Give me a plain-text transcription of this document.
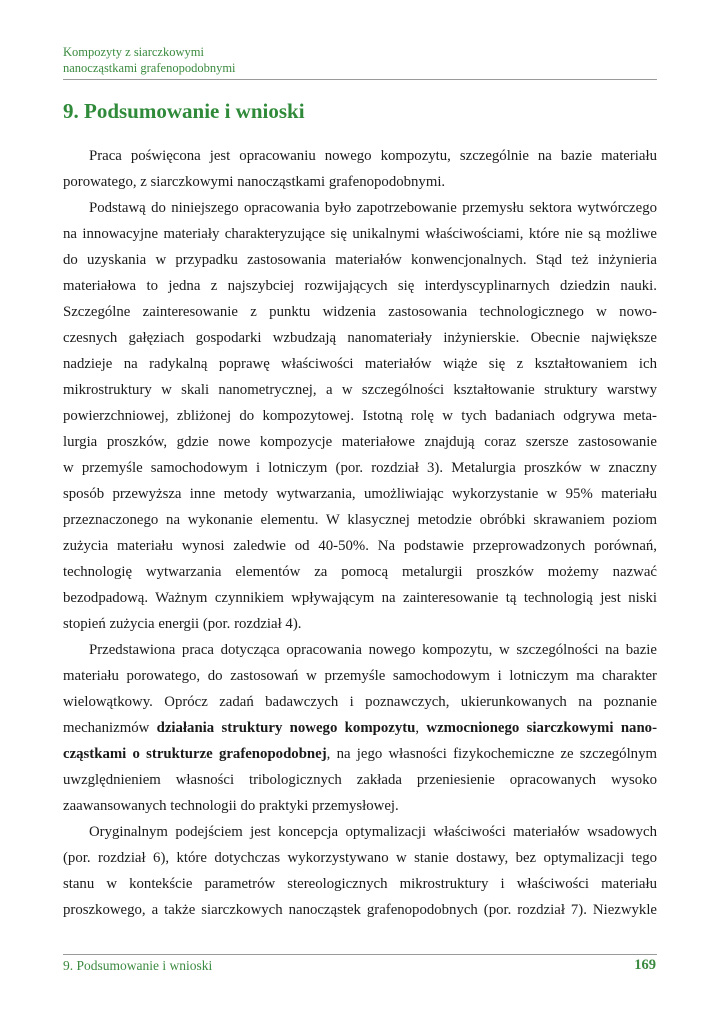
Kompozyty z siarczkowymi
nanocząstkami grafenopodobnymi
9. Podsumowanie i wnioski

Praca poświęcona jest opracowaniu nowego kompozytu, szczególnie na bazie materiału
porowatego, z siarczkowymi nanocząstkami grafenopodobnymi.

Podstawą do niniejszego opracowania było zapotrzebowanie przemysłu sektora wytwórczego
na innowacyjne materiały charakteryzujące się unikalnymi właściwościami, które nie są możliwe
do uzyskania w przypadku zastosowania materiałów konwencjonalnych. Stąd też inżynieria
materiałowa to jedna z najszybciej rozwijających się interdyscyplinarnych dziedzin nauki.
Szczególne zainteresowanie z punktu widzenia zastosowania technologicznego w nowo-
czesnych gałęziach gospodarki wzbudzają nanomateriały inżynierskie. Obecnie największe
nadzieje na radykalną poprawę właściwości materiałów wiąże się z kształtowaniem ich
mikrostruktury w skali nanometrycznej, a w szczególności kształtowanie struktury warstwy
powierzchniowej, zbliżonej do kompozytowej. Istotną rolę w tych badaniach odgrywa meta-
lurgia proszków, gdzie nowe kompozycje materiałowe znajdują coraz szersze zastosowanie
w przemyśle samochodowym i lotniczym (por. rozdział 3). Metalurgia proszków w znaczny
sposób przewyższa inne metody wytwarzania, umożliwiając wykorzystanie w 95% materiału
przeznaczonego na wykonanie elementu. W klasycznej metodzie obróbki skrawaniem poziom
zużycia materiału wynosi zaledwie od 40-50%. Na podstawie przeprowadzonych porównań,
technologię wytwarzania elementów za pomocą metalurgii proszków możemy nazwać
bezodpadową. Ważnym czynnikiem wpływającym na zainteresowanie tą technologią jest niski
stopień zużycia energii (por. rozdział 4).

Przedstawiona praca dotycząca opracowania nowego kompozytu, w szczególności na bazie
materiału porowatego, do zastosowań w przemyśle samochodowym i lotniczym ma charakter
wielowątkowy. Oprócz zadań badawczych i poznawczych, ukierunkowanych na poznanie
mechanizmów działania struktury nowego kompozytu, wzmocnionego siarczkowymi nano-
cząstkami o strukturze grafenopodobnej, na jego własności fizykochemiczne ze szczególnym
uwzględnieniem własności tribologicznych zakłada przeniesienie opracowanych wysoko
zaawansowanych technologii do praktyki przemysłowej.

Oryginalnym podejściem jest koncepcja optymalizacji właściwości materiałów wsadowych
(por. rozdział 6), które dotychczas wykorzystywano w stanie dostawy, bez optymalizacji tego
stanu w kontekście parametrów stereologicznych mikrostruktury i właściwości materiału
proszkowego, a także siarczkowych nanocząstek grafenopodobnych (por. rozdział 7). Niezwykle

9. Podsumowanie i wnioski	169
